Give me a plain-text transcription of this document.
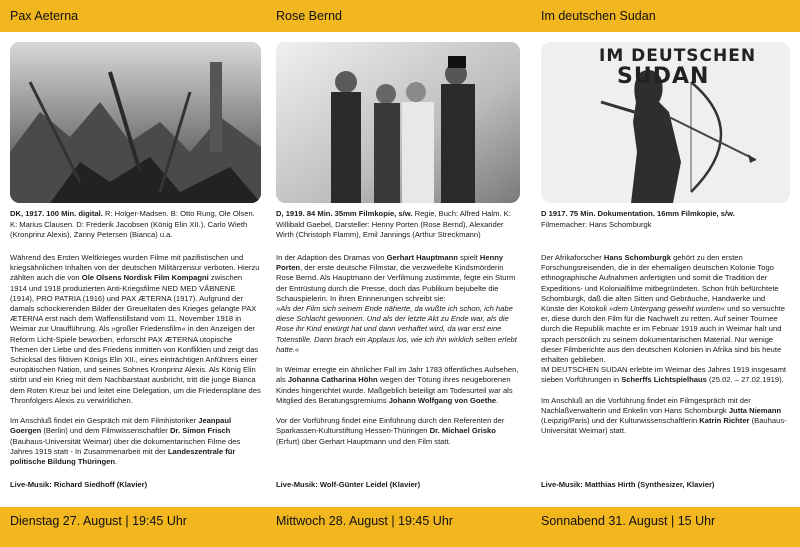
Pax Aeterna
DK, 1917. 100 Min. digital. R: Holger-Madsen. B: Otto Rung, Ole Olsen. K: Marius Clausen. D: Frederik Jacobsen (König Elin XII.), Carlo Wieth (Kronprinz Alexis), Zanny Petersen (Bianca) u.a.

Während des Ersten Weltkrieges wurden Filme mit pazifistischen und kriegsähnlichen Inhalten von der deutschen Militärzensur verboten. Hierzu zählten auch die von Ole Olsens Nordisk Film Kompagni zwischen 1914 und 1918 produzierten Anti-Kriegsfilme NED MED VÅBNENE (1914), PRO PATRIA (1916) und PAX ÆTERNA (1917). Aufgrund der damals schockierenden Bilder der Greueltaten des Krieges gelangte PAX ÆTERNA erst nach dem Waffenstillstand vom 11. November 1918 in Weimar zur Uraufführung. Als »großer Friedensfilm« in den Anzeigen der Reform Licht-Spiele beworben, erforscht PAX ÆTERNA utopische Themen der Liebe und des Friedens inmitten von Konflikten und zeigt das Schicksal des fiktiven Königs Elin XII., eines einträchtigen Anführers einer europäischen Nation, und seines Sohnes Kronprinz Alexis. Als König Elin stirbt und ein Krieg mit dem Nachbarstaat ausbricht, tritt die junge Bianca dem Roten Kreuz bei und leitet eine Delegation, um die Friedenspläne des Thronfolgers Alexis zu verwirklichen.

Im Anschluß findet ein Gespräch mit dem Filmhistoriker Jeanpaul Goergen (Berlin) und dem Filmwissenschaftler Dr. Simon Frisch (Bauhaus-Universität Weimar) über die dokumentarischen Filme des Jahres 1919 statt - In Zusammenarbeit mit der Landeszentrale für politische Bildung Thüringen.

Live-Musik: Richard Siedhoff (Klavier)
Dienstag 27. August | 19:45 Uhr
Rose Bernd
D, 1919. 84 Min. 35mm Filmkopie, s/w. Regie, Buch: Alfred Halm. K: Willibald Gaebel, Darsteller: Henny Porten (Rose Bernd), Alexander Wirth (Christoph Flamm), Emil Jannings (Arthur Streckmann)

In der Adaption des Dramas von Gerhart Hauptmann spielt Henny Porten, der erste deutsche Filmstar, die verzweifelte Kindsmörderin Rose Bernd. Als Hauptmann der Verfilmung zustimmte, fegte ein Sturm der Entrüstung durch die Presse, doch das Publikum bejubelte die Schauspielerin. In ihren Erinnerungen schreibt sie:
»Als der Film sich seinem Ende näherte, da wußte ich schon, ich habe diese Schlacht gewonnen. Und als der letzte Akt zu Ende war, als die Rose ihr Kind erwürgt hat und dann verhaftet wird, da war erst eine Totenstille. Dann brach ein Applaus los, wie ich ihn wirklich selten erlebt hatte.«

In Weimar erregte ein ähnlicher Fall im Jahr 1783 öffentliches Aufsehen, als Johanna Catharina Höhn wegen der Tötung ihres neugeborenen Kindes hingerichtet wurde. Maßgeblich beteiligt am Todesurteil war als Mitglied des Beratungsgremiums Johann Wolfgang von Goethe.

Vor der Vorführung findet eine Einführung durch den Referenten der Sparkassen-Kulturstiftung Hessen-Thüringen Dr. Michael Grisko (Erfurt) über Gerhart Hauptmann und den Film statt.

Live-Musik: Wolf-Günter Leidel (Klavier)
Mittwoch 28. August | 19:45 Uhr
Im deutschen Sudan
IM DEUTSCHEN
SUDAN
D 1917. 75 Min. Dokumentation. 16mm Filmkopie, s/w.
Filmemacher: Hans Schomburgk

Der Afrikaforscher Hans Schomburgk gehört zu den ersten Forschungsreisenden, die in der ehemaligen deutschen Kolonie Togo ethnographische Aufnahmen anfertigten und somit die Tradition der Expeditions- und Kolonialfilme mitbegründeten. Schon früh befürchtete Schomburgk, daß die alten Sitten und Gebräuche, Handwerke und Künste der Kotokoli »dem Untergang geweiht wurden« und so versuchte er, diese durch den Film für die Nachwelt zu retten. Auf seiner Tournee durch die Republik machte er im Februar 1919 auch in Weimar halt und sprach persönlich zu seinem dokumentarischen Material. Nur wenige dieser Filmberichte aus den deutschen Kolonien in Afrika sind bis heute erhalten geblieben.

IM DEUTSCHEN SUDAN erlebte im Weimar des Jahres 1919 insgesamt sieben Vorführungen in Scherffs Lichtspielhaus (25.02. – 27.02.1919).

Im Anschluß an die Vorführung findet ein Filmgespräch mit der Nachlaßverwalterin und Enkelin von Hans Schomburgk Jutta Niemann (Leipzig/Paris) und der Kulturwissenschaftlerin Katrin Richter (Bauhaus-Universität Weimar) statt.

Live-Musik: Matthias Hirth (Synthesizer, Klavier)
Sonnabend 31. August | 15 Uhr
